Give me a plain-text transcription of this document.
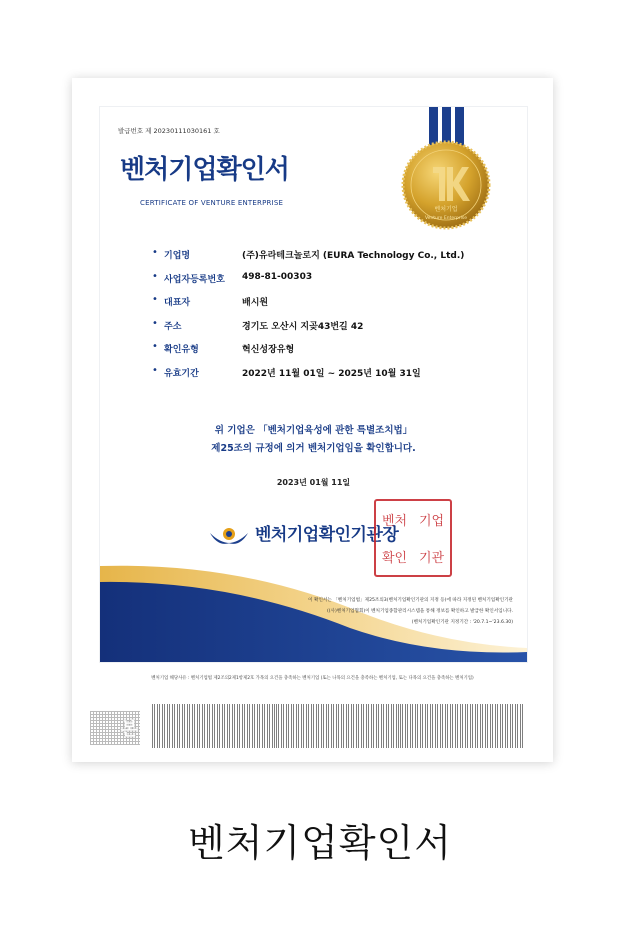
발급번호 제 20230111030161 호
벤처기업확인서
CERTIFICATE OF VENTURE ENTERPRISE
벤처기업
Venture Enterprise
• 기업명	(주)유라테크놀로지 (EURA Technology Co., Ltd.)
• 사업자등록번호 498-81-00303
• 대표자	배시원
• 주소	경기도 오산시 지곶43번길 42
• 확인유형	혁신성장유형
• 유효기간	2022년 11월 01일 ~ 2025년 10월 31일
위 기업은 「벤처기업육성에 관한 특별조치법」
제25조의 규정에 의거 벤처기업임을 확인합니다.
2023년 01월 11일
벤처기업확인기관장
벤처 기업
확인 기관
이 확인서는 「벤처기업법」제25조의3(벤처기업확인기관의 지정 등)에 따라 지정된 벤처기업확인기관
((사)벤처기업협회)이 벤처기업종합관리시스템을 통해 정보를 확인하고 발급한 확인서입니다.
(벤처기업확인기관 지정기간 : '20.7.1~'23.6.30)
벤처기업 해당사유 : 벤처기업법 제2조의2제1항제2호 가목의 요건을 충족하는 벤처기업 (또는 나목의 요건을 충족하는 벤처기업, 또는 다목의 요건을 충족하는 벤처기업)
본
벤처기업확인서
